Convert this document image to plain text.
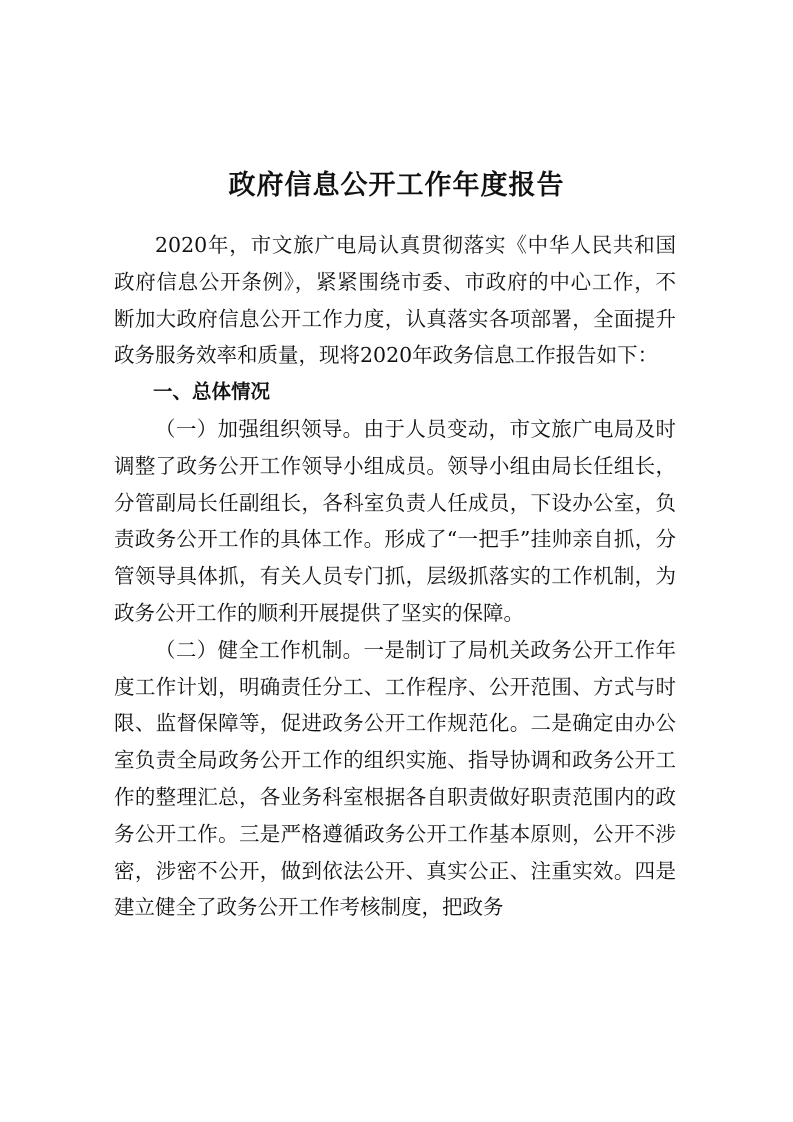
政府信息公开工作年度报告

2020年，市文旅广电局认真贯彻落实《中华人民共和国政府信息公开条例》，紧紧围绕市委、市政府的中心工作，不断加大政府信息公开工作力度，认真落实各项部署，全面提升政务服务效率和质量，现将2020年政务信息工作报告如下：

一、总体情况

（一）加强组织领导。由于人员变动，市文旅广电局及时调整了政务公开工作领导小组成员。领导小组由局长任组长，分管副局长任副组长，各科室负责人任成员，下设办公室，负责政务公开工作的具体工作。形成了“一把手”挂帅亲自抓，分管领导具体抓，有关人员专门抓，层级抓落实的工作机制，为政务公开工作的顺利开展提供了坚实的保障。

（二）健全工作机制。一是制订了局机关政务公开工作年度工作计划，明确责任分工、工作程序、公开范围、方式与时限、监督保障等，促进政务公开工作规范化。二是确定由办公室负责全局政务公开工作的组织实施、指导协调和政务公开工作的整理汇总，各业务科室根据各自职责做好职责范围内的政务公开工作。三是严格遵循政务公开工作基本原则，公开不涉密，涉密不公开，做到依法公开、真实公正、注重实效。四是建立健全了政务公开工作考核制度，把政务
